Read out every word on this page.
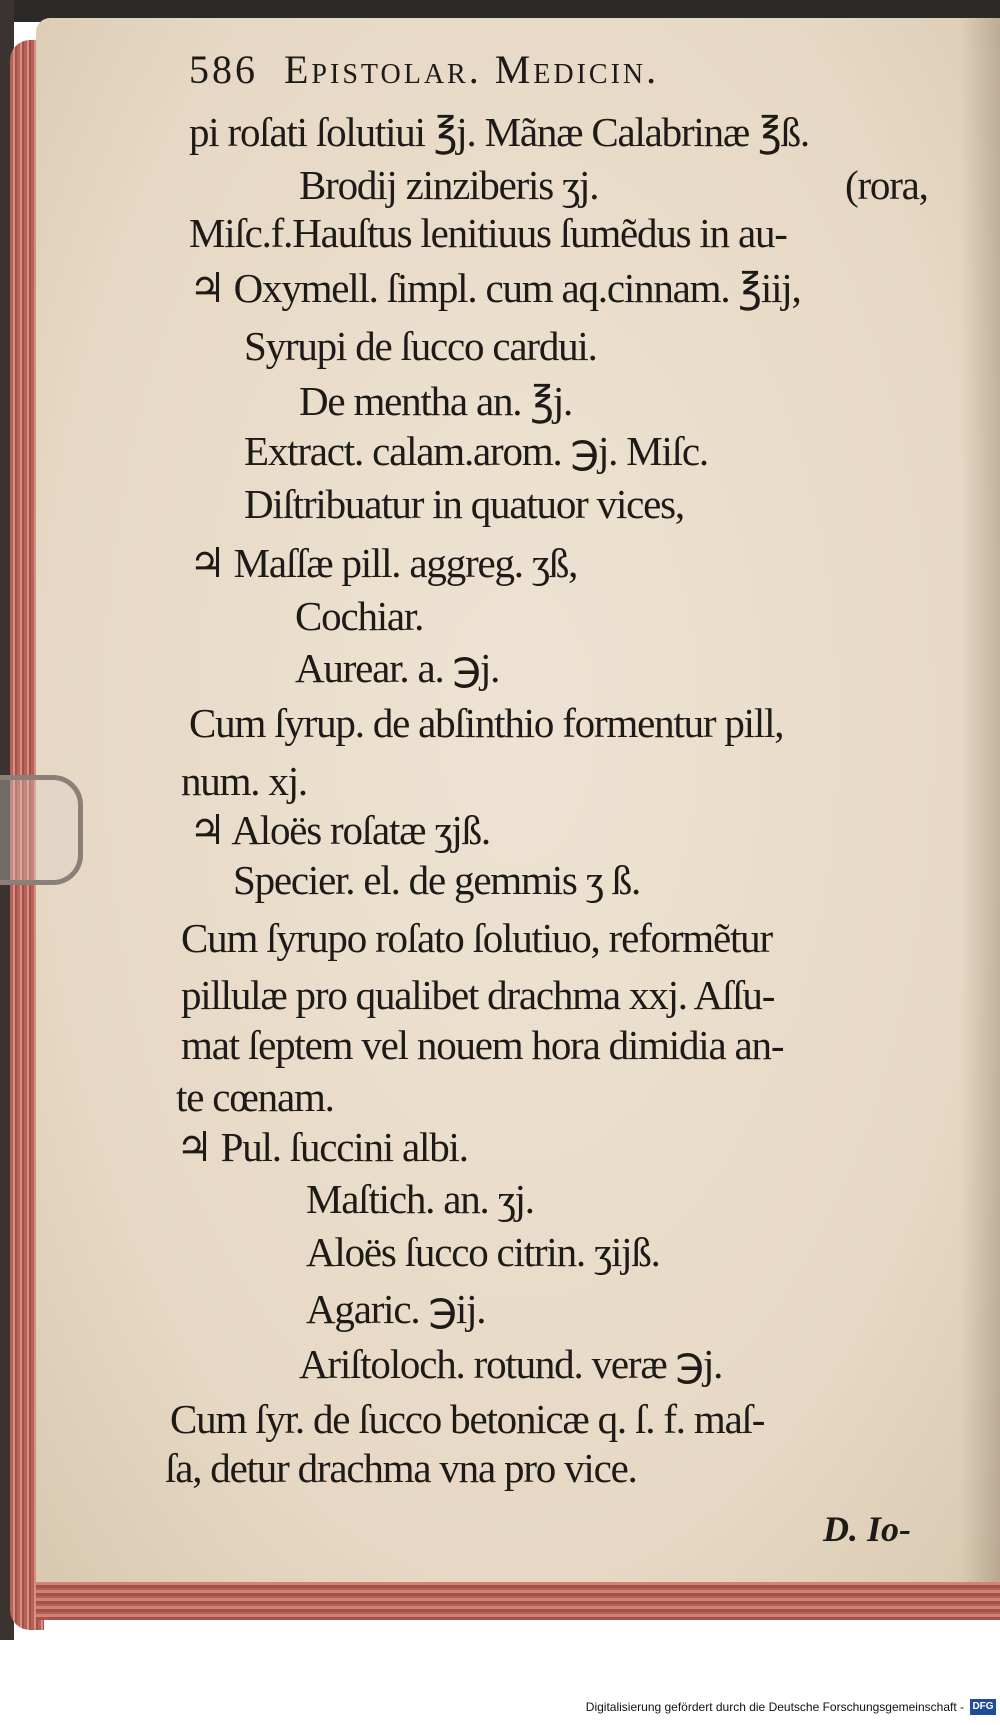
586 Epistolar. Medicin.
pi roſati ſolutiui ℥j. Mãnæ Calabrinæ ℥ß.
Brodij zinziberis ʒj.	(rora,
Miſc.f.Hauſtus lenitiuus ſumẽdus in au-
♃ Oxymell. ſimpl. cum aq.cinnam. ℥iij,
Syrupi de ſucco cardui.
De mentha an. ℥j.
Extract. calam.arom. ℈j. Miſc.
Diſtribuatur in quatuor vices,
♃ Maſſæ pill. aggreg. ʒß,
Cochiar.
Aurear. a. ℈j.
Cum ſyrup. de abſinthio formentur pill,
num. xj.
♃ Aloës roſatæ ʒjß.
Specier. el. de gemmis ʒ ß.
Cum ſyrupo roſato ſolutiuo, reformẽtur
pillulæ pro qualibet drachma xxj. Aſſu-
mat ſeptem vel nouem hora dimidia an-
te cœnam.
♃ Pul. ſuccini albi.
Maſtich. an. ʒj.
Aloës ſucco citrin. ʒijß.
Agaric. ℈ij.
Ariſtoloch. rotund. veræ ℈j.
Cum ſyr. de ſucco betonicæ q. ſ. f. maſ-
ſa, detur drachma vna pro vice.
D. Io-
Digitalisierung gefördert durch die Deutsche Forschungsgemeinschaft - DFG
